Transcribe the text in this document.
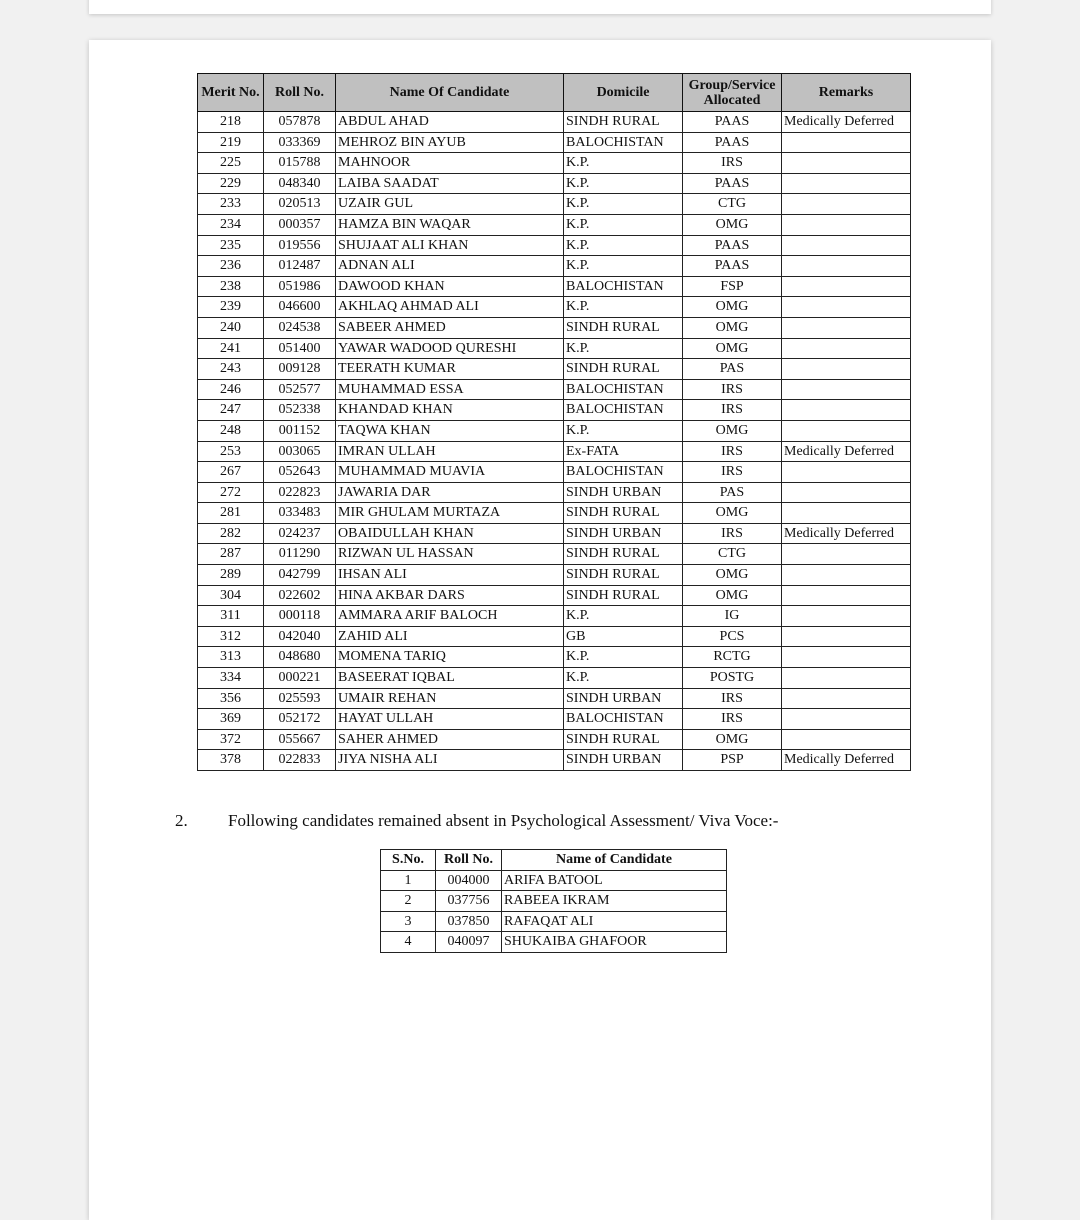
Merit No.	Roll No.	Name Of Candidate	Domicile	Group/Service Allocated	Remarks
218	057878	ABDUL AHAD	SINDH RURAL	PAAS	Medically Deferred
219	033369	MEHROZ BIN AYUB	BALOCHISTAN	PAAS	
225	015788	MAHNOOR	K.P.	IRS	
229	048340	LAIBA SAADAT	K.P.	PAAS	
233	020513	UZAIR GUL	K.P.	CTG	
234	000357	HAMZA BIN WAQAR	K.P.	OMG	
235	019556	SHUJAAT ALI KHAN	K.P.	PAAS	
236	012487	ADNAN ALI	K.P.	PAAS	
238	051986	DAWOOD KHAN	BALOCHISTAN	FSP	
239	046600	AKHLAQ AHMAD ALI	K.P.	OMG	
240	024538	SABEER AHMED	SINDH RURAL	OMG	
241	051400	YAWAR WADOOD QURESHI	K.P.	OMG	
243	009128	TEERATH KUMAR	SINDH RURAL	PAS	
246	052577	MUHAMMAD ESSA	BALOCHISTAN	IRS	
247	052338	KHANDAD KHAN	BALOCHISTAN	IRS	
248	001152	TAQWA KHAN	K.P.	OMG	
253	003065	IMRAN ULLAH	Ex-FATA	IRS	Medically Deferred
267	052643	MUHAMMAD MUAVIA	BALOCHISTAN	IRS	
272	022823	JAWARIA DAR	SINDH URBAN	PAS	
281	033483	MIR GHULAM MURTAZA	SINDH RURAL	OMG	
282	024237	OBAIDULLAH KHAN	SINDH URBAN	IRS	Medically Deferred
287	011290	RIZWAN UL HASSAN	SINDH RURAL	CTG	
289	042799	IHSAN ALI	SINDH RURAL	OMG	
304	022602	HINA AKBAR DARS	SINDH RURAL	OMG	
311	000118	AMMARA ARIF BALOCH	K.P.	IG	
312	042040	ZAHID ALI	GB	PCS	
313	048680	MOMENA TARIQ	K.P.	RCTG	
334	000221	BASEERAT IQBAL	K.P.	POSTG	
356	025593	UMAIR REHAN	SINDH URBAN	IRS	
369	052172	HAYAT ULLAH	BALOCHISTAN	IRS	
372	055667	SAHER AHMED	SINDH RURAL	OMG	
378	022833	JIYA NISHA ALI	SINDH URBAN	PSP	Medically Deferred
2.	Following candidates remained absent in Psychological Assessment/ Viva Voce:-
S.No.	Roll No.	Name of Candidate
1	004000	ARIFA BATOOL
2	037756	RABEEA IKRAM
3	037850	RAFAQAT ALI
4	040097	SHUKAIBA GHAFOOR
